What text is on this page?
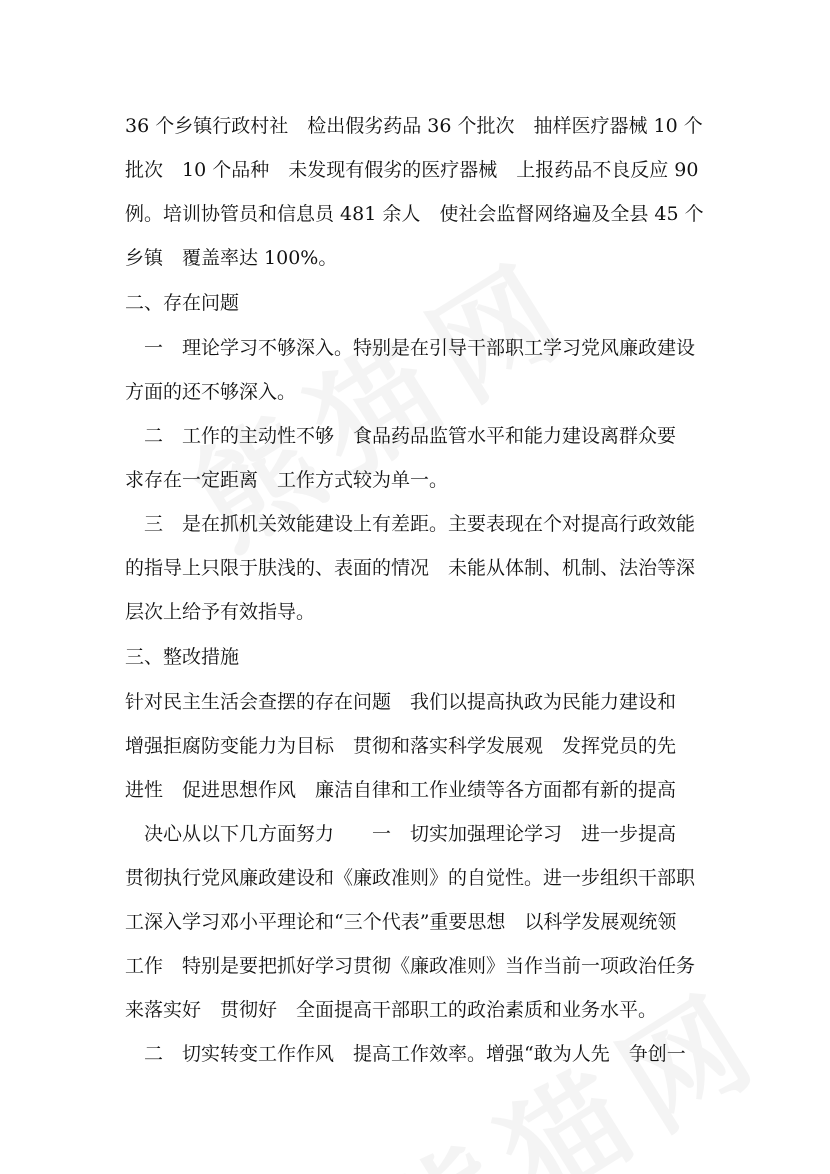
36 个乡镇行政村社　检出假劣药品 36 个批次　抽样医疗器械 10 个
批次　10 个品种　未发现有假劣的医疗器械　上报药品不良反应 90
例。培训协管员和信息员 481 余人　使社会监督网络遍及全县 45 个
乡镇　覆盖率达 100%。
二、存在问题
　一　理论学习不够深入。特别是在引导干部职工学习党风廉政建设
方面的还不够深入。
　二　工作的主动性不够　食品药品监管水平和能力建设离群众要
求存在一定距离　工作方式较为单一。
　三　是在抓机关效能建设上有差距。主要表现在个对提高行政效能
的指导上只限于肤浅的、表面的情况　未能从体制、机制、法治等深
层次上给予有效指导。
三、整改措施
针对民主生活会查摆的存在问题　我们以提高执政为民能力建设和
增强拒腐防变能力为目标　贯彻和落实科学发展观　发挥党员的先
进性　促进思想作风　廉洁自律和工作业绩等各方面都有新的提高
　决心从以下几方面努力　　一　切实加强理论学习　进一步提高
贯彻执行党风廉政建设和《廉政准则》的自觉性。进一步组织干部职
工深入学习邓小平理论和“三个代表”重要思想　以科学发展观统领
工作　特别是要把抓好学习贯彻《廉政准则》当作当前一项政治任务
来落实好　贯彻好　全面提高干部职工的政治素质和业务水平。
　二　切实转变工作作风　提高工作效率。增强“敢为人先　争创一
